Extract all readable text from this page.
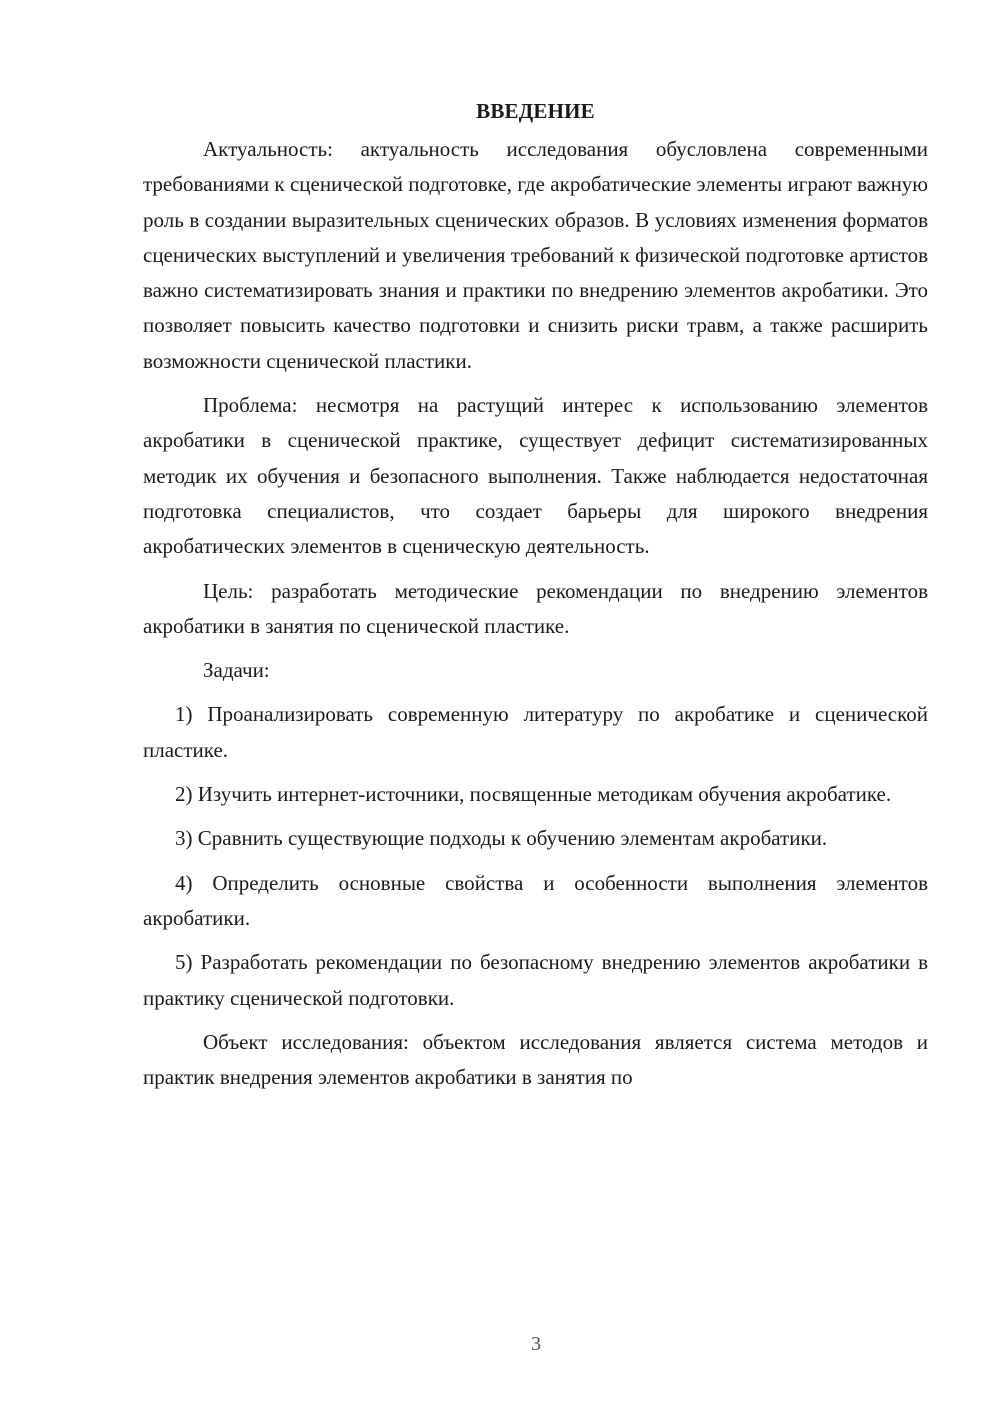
ВВЕДЕНИЕ

Актуальность: актуальность исследования обусловлена современными требованиями к сценической подготовке, где акробатические элементы играют важную роль в создании выразительных сценических образов. В условиях изменения форматов сценических выступлений и увеличения требований к физической подготовке артистов важно систематизировать знания и практики по внедрению элементов акробатики. Это позволяет повысить качество подготовки и снизить риски травм, а также расширить возможности сценической пластики.

Проблема: несмотря на растущий интерес к использованию элементов акробатики в сценической практике, существует дефицит систематизированных методик их обучения и безопасного выполнения. Также наблюдается недостаточная подготовка специалистов, что создает барьеры для широкого внедрения акробатических элементов в сценическую деятельность.

Цель: разработать методические рекомендации по внедрению элементов акробатики в занятия по сценической пластике.

Задачи:

1) Проанализировать современную литературу по акробатике и сценической пластике.

2) Изучить интернет-источники, посвященные методикам обучения акробатике.

3) Сравнить существующие подходы к обучению элементам акробатики.

4) Определить основные свойства и особенности выполнения элементов акробатики.

5) Разработать рекомендации по безопасному внедрению элементов акробатики в практику сценической подготовки.

Объект исследования: объектом исследования является система методов и практик внедрения элементов акробатики в занятия по

3
